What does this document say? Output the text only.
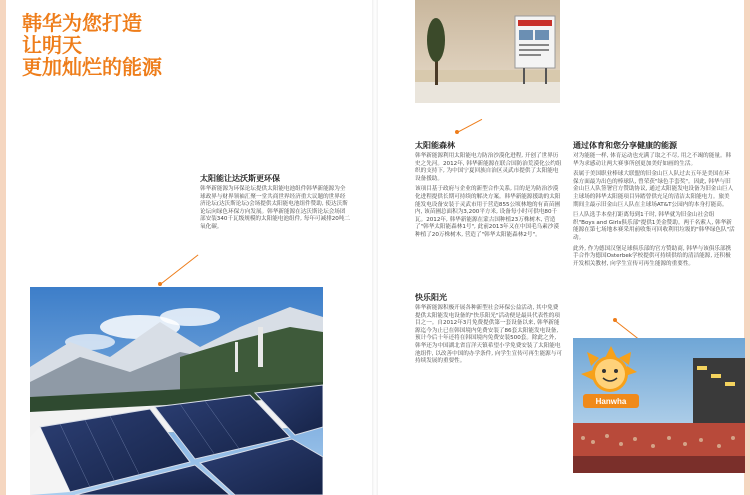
韩华为您打造
让明天
更加灿烂的能源
太阳能让达沃斯更环保
韩华新能源为环保论坛提供太阳能电池组件韩华新能源为全球政界与财界领袖汇聚一堂共商世界经济重大议题的世界经济论坛(达沃斯论坛)会场提供太阳能电池组件赞助, 使达沃斯论坛向绿色环保方向发展。韩华新能源在达沃斯论坛会场团部安装340千瓦级规模的太阳能电池组件, 每年可减排20吨二氧化碳。
太阳能森林

韩华新能源利用太阳能电力防治沙漠化进程, 开创了世界历史之先河。2012年, 韩华新能源在联合国防治荒漠化公约组织的支持下, 为中国宁夏回族自治区灵武市提供了太阳能电设备援助。

该项目基于政府与企业的新型合作关系, 目的是为防治沙漠化进程提供长期可持续的解决方案。韩华新能源援助的太阳能发电设备安装于灵武市用于营造855公顷林地的有苗苗圃内, 该苗圃总面积为3,200平方米, 设备每小时可供电80千瓦。2012年, 韩华新能源在蒙古国种植23万株树木, 营造了"韩华太阳能森林1号", 此前2013年又在中国毛乌素沙漠种植了20万株树木, 营造了"韩华太阳能森林2号"。

快乐阳光
韩华新能源积极开展各种新型社会环保公益活动, 其中免费提供太阳能发电设备的"快乐阳光"活动便是最具代表性的项目之一。自2012年3月免费提供第一套设备以来, 韩华新能源迄今为止已在韩国境内免费安装了86套太阳能发电设备, 预计今后十年还将在韩国境内免费安装500套。除此之外, 韩华还为中国湖北省盲洋天镇希望小学免费安装了太阳能电池组件, 以改善中国的办学条件, 向学生宣传可再生能源与可持续发展的重要性。
通过体育和您分享健康的能源

对为能能一样, 体育运动也充满了取之不尽, 用之不竭的能量。韩华为求感动让两大赛事所创更加美好如画的生活。

表属于美国职业棒球大联盟的旧金山巨人队过去五年是美国在环保方面最为出色的棒球队, 曾荣获"绿色手套奖"。因此, 韩华与旧金山巨人队签署官方赞助协议, 通过太阳能发电设备为旧金山巨人主球场的韩华太阳能项目异踏曾供充足的清洁太阳能电力。旅美期间主最示旧金山巨人队在主球场AT&T公园内的本身打能高。

巨人队选手本垒打距离每到1千时, 韩华就为旧金山社会组织"Boys and Girls俱乐部"提供1美金赞助。两千名萦人, 韩华新能源在第七场地本赛采用前收集可回收利用垃圾的"韩华绿色队"活动。

此外, 作为德国汉堡足球俱乐部的官方赞助商, 韩华与该俱乐部携手合作为德国Osterbek学校提供可持续供给的清洁能源, 还积极开发相关教材, 向学生宣传可再生能源的重要性。

Hanwha
